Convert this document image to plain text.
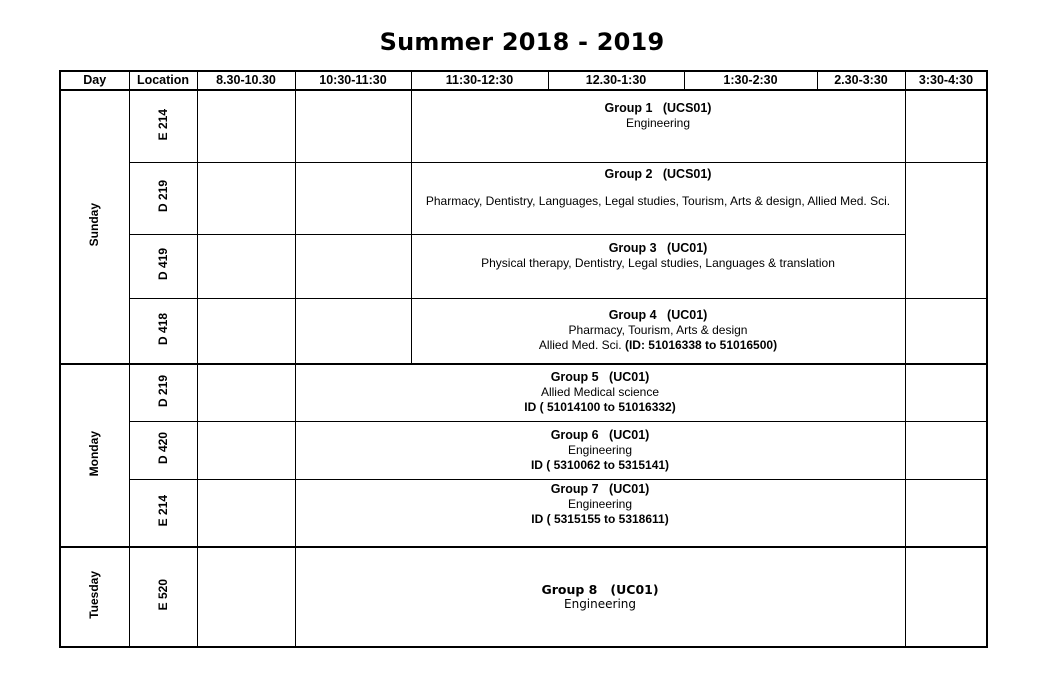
Summer 2018 - 2019
Day	Location	8.30-10.30	10:30-11:30	11:30-12:30	12.30-1:30	1:30-2:30	2.30-3:30	3:30-4:30
Sunday	E 214			Group 1   (UCS01)
Engineering				

	D 219			Group 2   (UCS01)
Pharmacy, Dentistry, Languages, Legal studies, Tourism, Arts & design, Allied Med. Sci.				

	D 419			Group 3   (UC01)
Physical therapy, Dentistry, Legal studies, Languages & translation				

	D 418			Group 4   (UC01)
Pharmacy, Tourism, Arts & design
Allied Med. Sci. (ID: 51016338 to 51016500)				

Monday	D 219		Group 5   (UC01)
Allied Medical science
ID ( 51014100 to 51016332)					

	D 420		Group 6   (UC01)
Engineering
ID ( 5310062 to 5315141)					

	E 214		Group 7   (UC01)
Engineering
ID ( 5315155 to 5318611)					

Tuesday	E 520		Group 8   (UC01)
Engineering					
